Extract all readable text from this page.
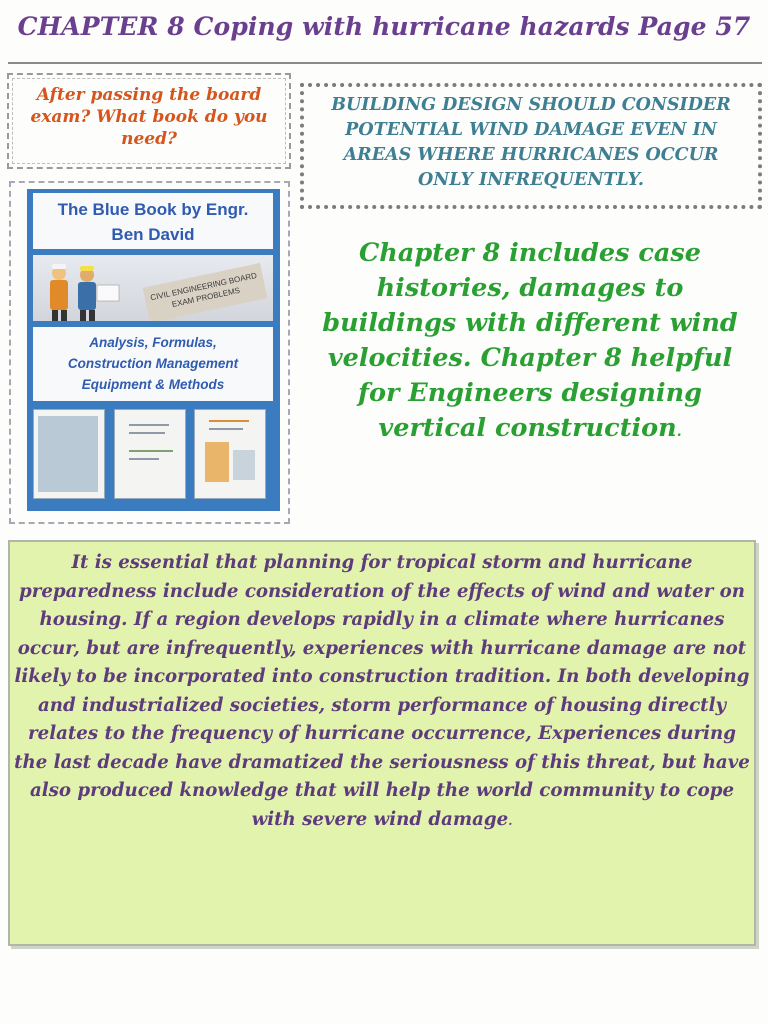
CHAPTER 8 Coping with hurricane hazards Page 57
After passing the board exam? What book do you need?
BUILDING DESIGN SHOULD CONSIDER POTENTIAL WIND DAMAGE EVEN IN AREAS WHERE HURRICANES OCCUR ONLY INFREQUENTLY.
The Blue Book by Engr. Ben David
CIVIL ENGINEERING BOARD EXAM PROBLEMS
Analysis, Formulas, Construction Management Equipment & Methods
Chapter 8 includes case histories, damages to buildings with different wind velocities. Chapter 8 helpful for Engineers designing vertical construction.
It is essential that planning for tropical storm and hurricane preparedness include consideration of the effects of wind and water on housing. If a region develops rapidly in a climate where hurricanes occur, but are infrequently, experiences with hurricane damage are not likely to be incorporated into construction tradition. In both developing and industrialized societies, storm performance of housing directly relates to the frequency of hurricane occurrence, Experiences during the last decade have dramatized the seriousness of this threat, but have also produced knowledge that will help the world community to cope with severe wind damage.
